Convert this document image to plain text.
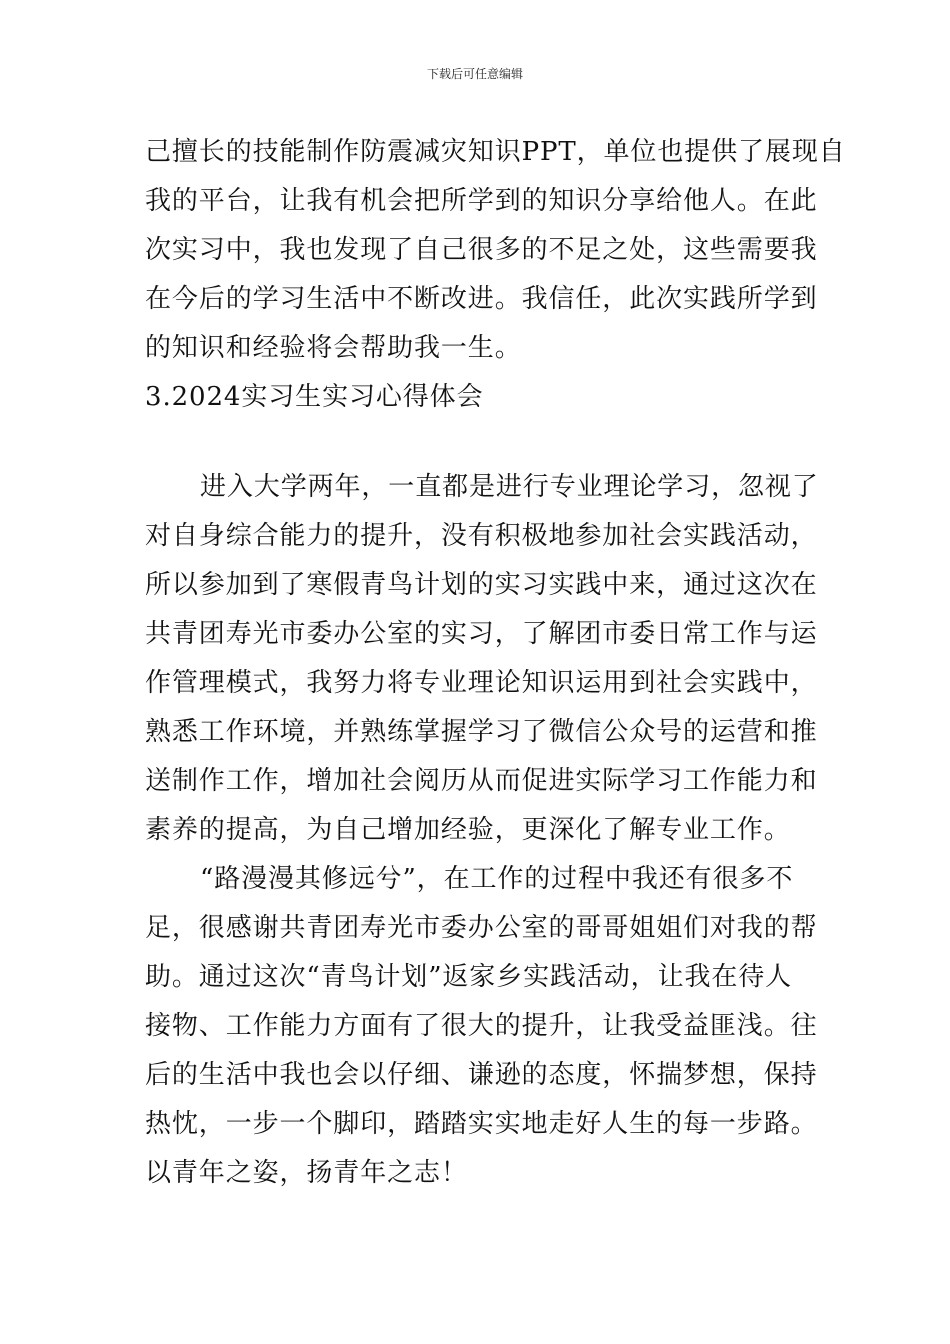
下载后可任意编辑
己擅长的技能制作防震减灾知识PPT，单位也提供了展现自
我的平台，让我有机会把所学到的知识分享给他人。在此
次实习中，我也发现了自己很多的不足之处，这些需要我
在今后的学习生活中不断改进。我信任，此次实践所学到
的知识和经验将会帮助我一生。
3.2024实习生实习心得体会
进入大学两年，一直都是进行专业理论学习，忽视了
对自身综合能力的提升，没有积极地参加社会实践活动，
所以参加到了寒假青鸟计划的实习实践中来，通过这次在
共青团寿光市委办公室的实习，了解团市委日常工作与运
作管理模式，我努力将专业理论知识运用到社会实践中，
熟悉工作环境，并熟练掌握学习了微信公众号的运营和推
送制作工作，增加社会阅历从而促进实际学习工作能力和
素养的提高，为自己增加经验，更深化了解专业工作。
“路漫漫其修远兮”，在工作的过程中我还有很多不
足，很感谢共青团寿光市委办公室的哥哥姐姐们对我的帮
助。通过这次“青鸟计划”返家乡实践活动，让我在待人
接物、工作能力方面有了很大的提升，让我受益匪浅。往
后的生活中我也会以仔细、谦逊的态度，怀揣梦想，保持
热忱，一步一个脚印，踏踏实实地走好人生的每一步路。
以青年之姿，扬青年之志！
